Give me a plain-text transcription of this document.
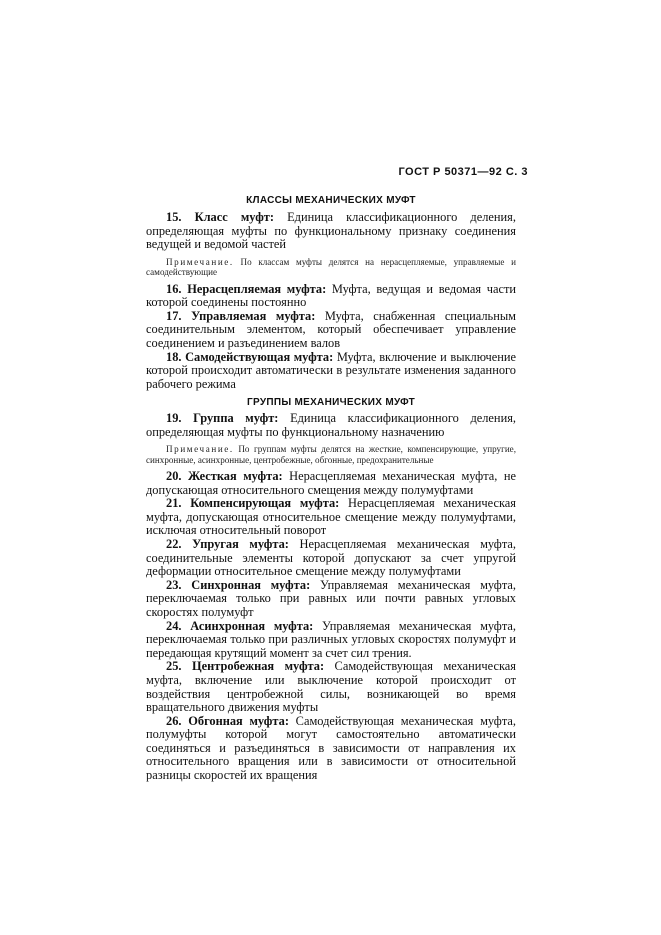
ГОСТ Р 50371—92 С. 3
КЛАССЫ МЕХАНИЧЕСКИХ МУФТ

15. Класс муфт: Единица классификационного деления, определяющая муфты по функциональному признаку соединения ведущей и ведомой частей

Примечание. По классам муфты делятся на нерасцепляемые, управляемые и самодействующие

16. Нерасцепляемая муфта: Муфта, ведущая и ведомая части которой соединены постоянно

17. Управляемая муфта: Муфта, снабженная специальным соединительным элементом, который обеспечивает управление соединением и разъединением валов

18. Самодействующая муфта: Муфта, включение и выключение которой происходит автоматически в результате изменения заданного рабочего режима

ГРУППЫ МЕХАНИЧЕСКИХ МУФТ

19. Группа муфт: Единица классификационного деления, определяющая муфты по функциональному назначению

Примечание. По группам муфты делятся на жесткие, компенсирующие, упругие, синхронные, асинхронные, центробежные, обгонные, предохранительные

20. Жесткая муфта: Нерасцепляемая механическая муфта, не допускающая относительного смещения между полумуфтами

21. Компенсирующая муфта: Нерасцепляемая механическая муфта, допускающая относительное смещение между полумуфтами, исключая относительный поворот

22. Упругая муфта: Нерасцепляемая механическая муфта, соединительные элементы которой допускают за счет упругой деформации относительное смещение между полумуфтами

23. Синхронная муфта: Управляемая механическая муфта, переключаемая только при равных или почти равных угловых скоростях полумуфт

24. Асинхронная муфта: Управляемая механическая муфта, переключаемая только при различных угловых скоростях полумуфт и передающая крутящий момент за счет сил трения.

25. Центробежная муфта: Самодействующая механическая муфта, включение или выключение которой происходит от воздействия центробежной силы, возникающей во время вращательного движения муфты

26. Обгонная муфта: Самодействующая механическая муфта, полумуфты которой могут самостоятельно автоматически соединяться и разъединяться в зависимости от направления их относительного вращения или в зависимости от относительной разницы скоростей их вращения
